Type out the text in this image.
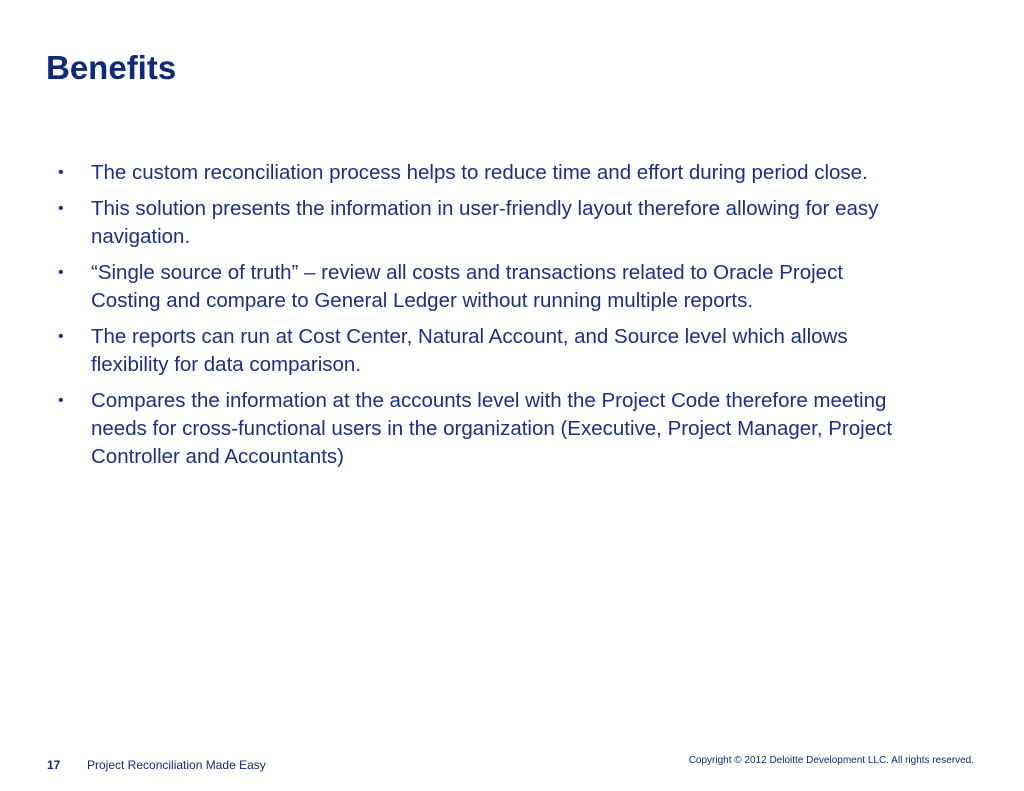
Benefits
•	The custom reconciliation process helps to reduce time and effort during period close.
•	This solution presents the information in user-friendly layout therefore allowing for easy navigation.
•	“Single source of truth” – review all costs and transactions related to Oracle Project Costing and compare to General Ledger without running multiple reports.
•	The reports can run at Cost Center, Natural Account, and Source level which allows flexibility for data comparison.
•	Compares the information at the accounts level with the Project Code therefore meeting needs for cross-functional users in the organization (Executive, Project Manager, Project Controller and Accountants)
17 Project Reconciliation Made Easy	Copyright © 2012 Deloitte Development LLC. All rights reserved.
